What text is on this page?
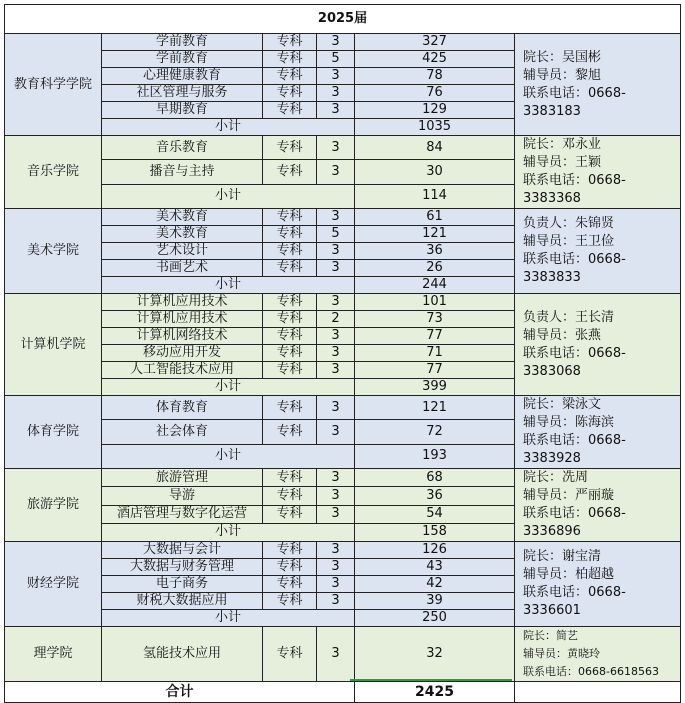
2025届					
教育科学学院	学前教育	专科	3	327	院长：吴国彬
辅导员：黎旭
联系电话：0668-3383183

	学前教育	专科	5	425	
	心理健康教育	专科	3	78	
	社区管理与服务	专科	3	76	
	早期教育	专科	3	129	
	小计			1035	
音乐学院	音乐教育	专科	3	84	院长：邓永业
辅导员：王颖
联系电话：0668-3383368

	播音与主持	专科	3	30	
	小计			114	
美术学院	美术教育	专科	3	61	负责人：朱锦贤
辅导员：王卫俭
联系电话：0668-3383833

	美术教育	专科	5	121	
	艺术设计	专科	3	36	
	书画艺术	专科	3	26	
	小计			244	
计算机学院	计算机应用技术	专科	3	101	负责人：王长清
辅导员：张燕
联系电话：0668-3383068

	计算机应用技术	专科	2	73	
	计算机网络技术	专科	3	77	
	移动应用开发	专科	3	71	
	人工智能技术应用	专科	3	77	
	小计			399	
体育学院	体育教育	专科	3	121	院长：梁泳文
辅导员：陈海滨
联系电话：0668-3383928

	社会体育	专科	3	72	
	小计			193	
旅游学院	旅游管理	专科	3	68	院长：冼周
辅导员：严丽璇
联系电话：0668-3336896

	导游	专科	3	36	
	酒店管理与数字化运营	专科	3	54	
	小计			158	
财经学院	大数据与会计	专科	3	126	院长：谢宝清
辅导员：柏超越
联系电话：0668-3336601

	大数据与财务管理	专科	3	43	
	电子商务	专科	3	42	
	财税大数据应用	专科	3	39	
	小计			250	
理学院	氢能技术应用	专科	3	32	院长：简艺
辅导员：黄晓玲
联系电话：0668-6618563

合计				2425	
